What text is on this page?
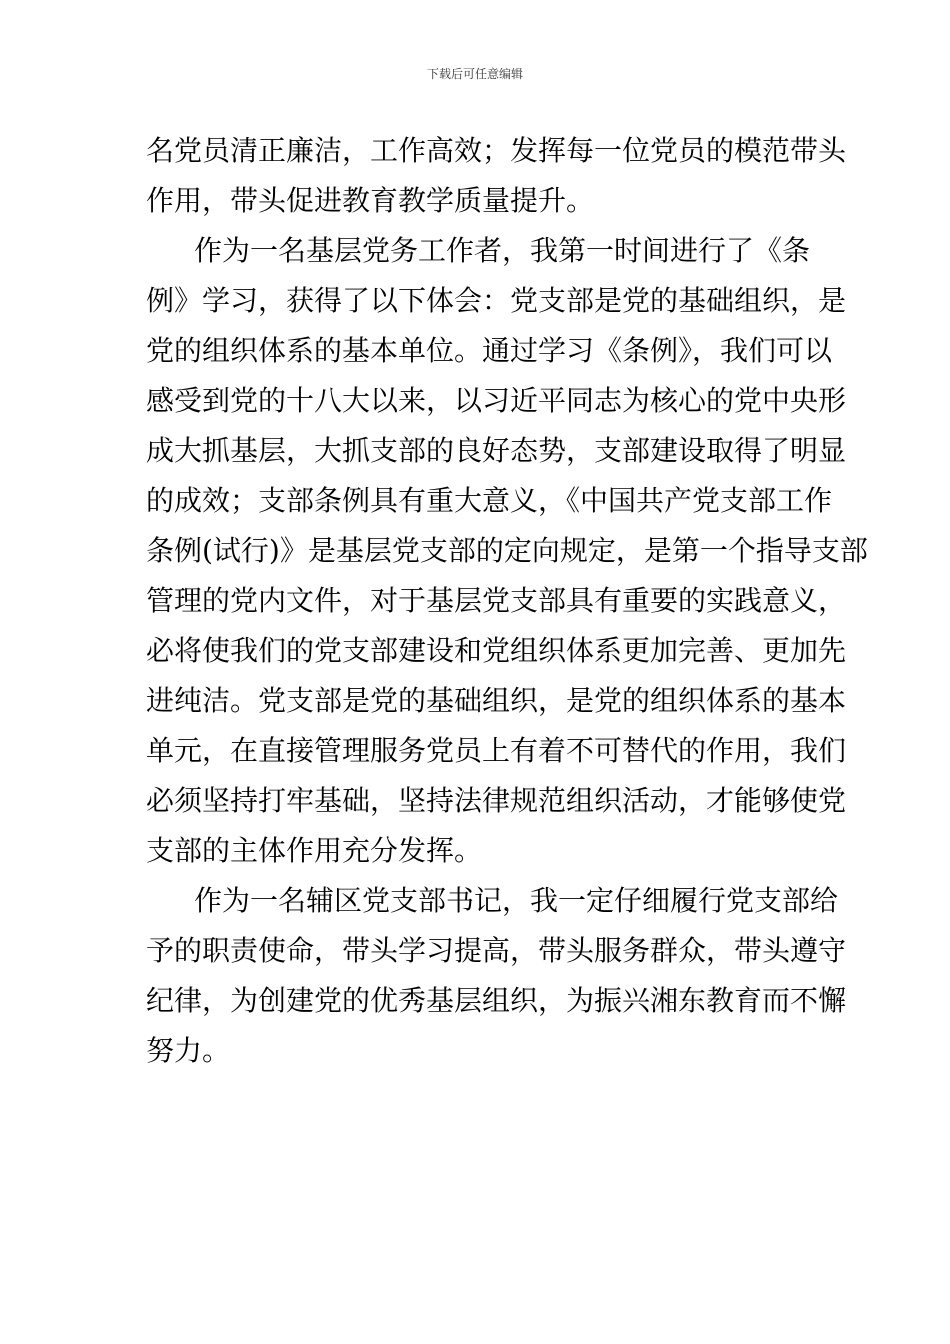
下载后可任意编辑
名党员清正廉洁，工作高效；发挥每一位党员的模范带头
作用，带头促进教育教学质量提升。
作为一名基层党务工作者，我第一时间进行了《条
例》学习，获得了以下体会：党支部是党的基础组织，是
党的组织体系的基本单位。通过学习《条例》，我们可以
感受到党的十八大以来，以习近平同志为核心的党中央形
成大抓基层，大抓支部的良好态势，支部建设取得了明显
的成效；支部条例具有重大意义，《中国共产党支部工作
条例(试行)》是基层党支部的定向规定，是第一个指导支部
管理的党内文件，对于基层党支部具有重要的实践意义，
必将使我们的党支部建设和党组织体系更加完善、更加先
进纯洁。党支部是党的基础组织，是党的组织体系的基本
单元，在直接管理服务党员上有着不可替代的作用，我们
必须坚持打牢基础，坚持法律规范组织活动，才能够使党
支部的主体作用充分发挥。
作为一名辅区党支部书记，我一定仔细履行党支部给
予的职责使命，带头学习提高，带头服务群众，带头遵守
纪律，为创建党的优秀基层组织，为振兴湘东教育而不懈
努力。
